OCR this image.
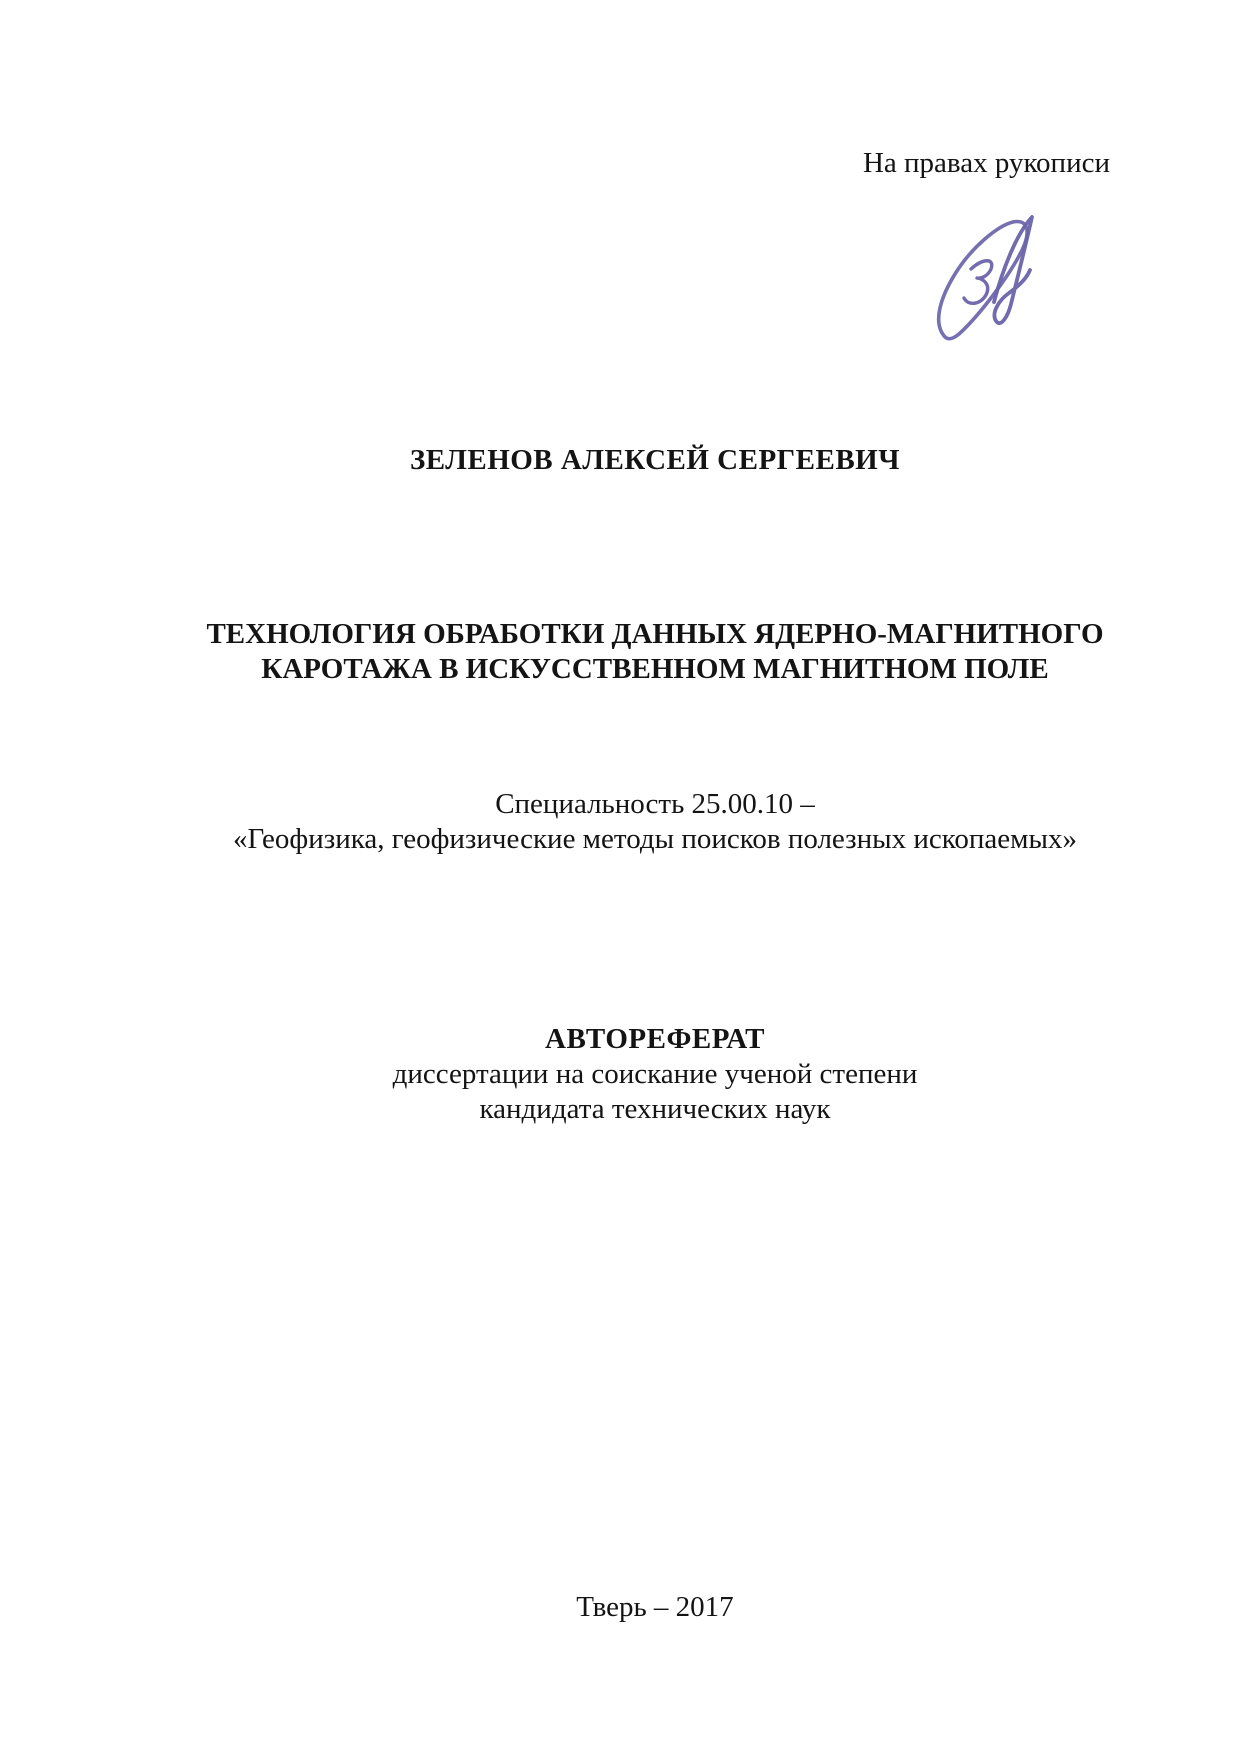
На правах рукописи
ЗЕЛЕНОВ АЛЕКСЕЙ СЕРГЕЕВИЧ
ТЕХНОЛОГИЯ ОБРАБОТКИ ДАННЫХ ЯДЕРНО-МАГНИТНОГО
КАРОТАЖА В ИСКУССТВЕННОМ МАГНИТНОМ ПОЛЕ
Специальность 25.00.10 –
«Геофизика, геофизические методы поисков полезных ископаемых»
АВТОРЕФЕРАТ
диссертации на соискание ученой степени
кандидата технических наук
Тверь – 2017
